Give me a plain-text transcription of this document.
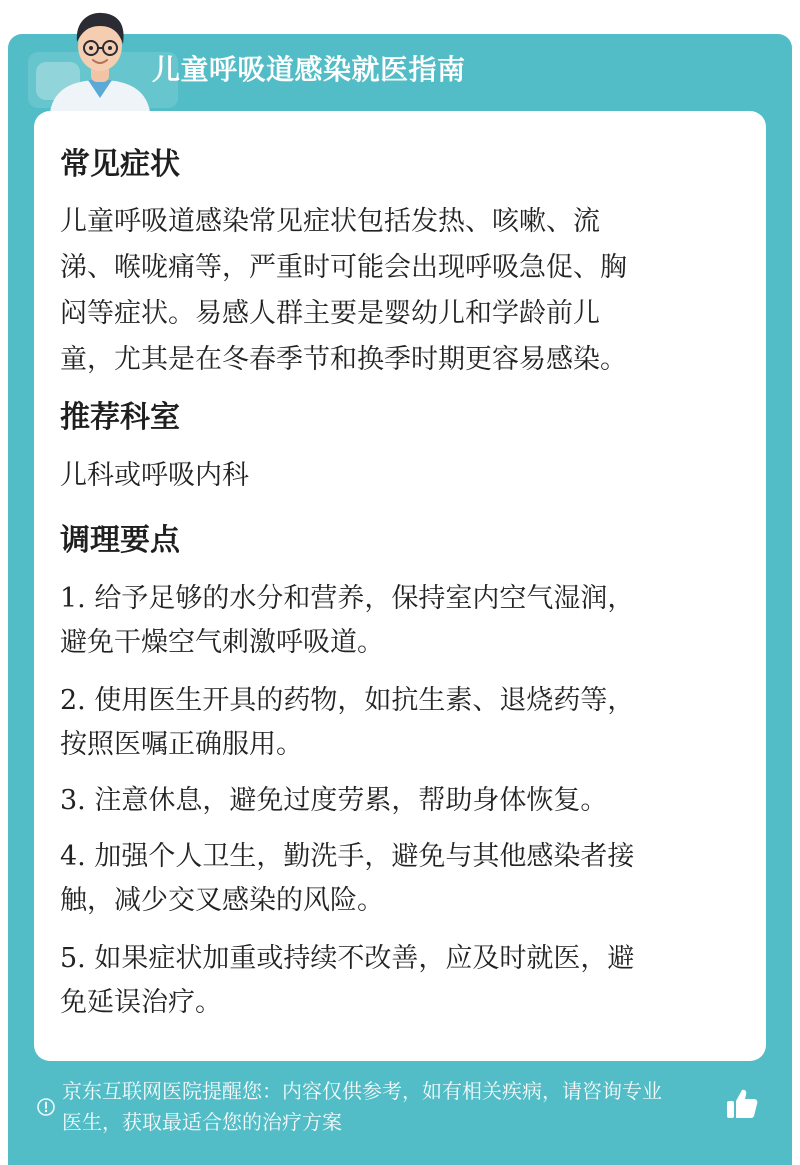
儿童呼吸道感染就医指南
常见症状
儿童呼吸道感染常见症状包括发热、咳嗽、流
涕、喉咙痛等，严重时可能会出现呼吸急促、胸
闷等症状。易感人群主要是婴幼儿和学龄前儿
童，尤其是在冬春季节和换季时期更容易感染。
推荐科室
儿科或呼吸内科
调理要点
1. 给予足够的水分和营养，保持室内空气湿润，
避免干燥空气刺激呼吸道。
2. 使用医生开具的药物，如抗生素、退烧药等，
按照医嘱正确服用。
3. 注意休息，避免过度劳累，帮助身体恢复。
4. 加强个人卫生，勤洗手，避免与其他感染者接
触，减少交叉感染的风险。
5. 如果症状加重或持续不改善，应及时就医，避
免延误治疗。
京东互联网医院提醒您：内容仅供参考，如有相关疾病，请咨询专业
医生，获取最适合您的治疗方案
